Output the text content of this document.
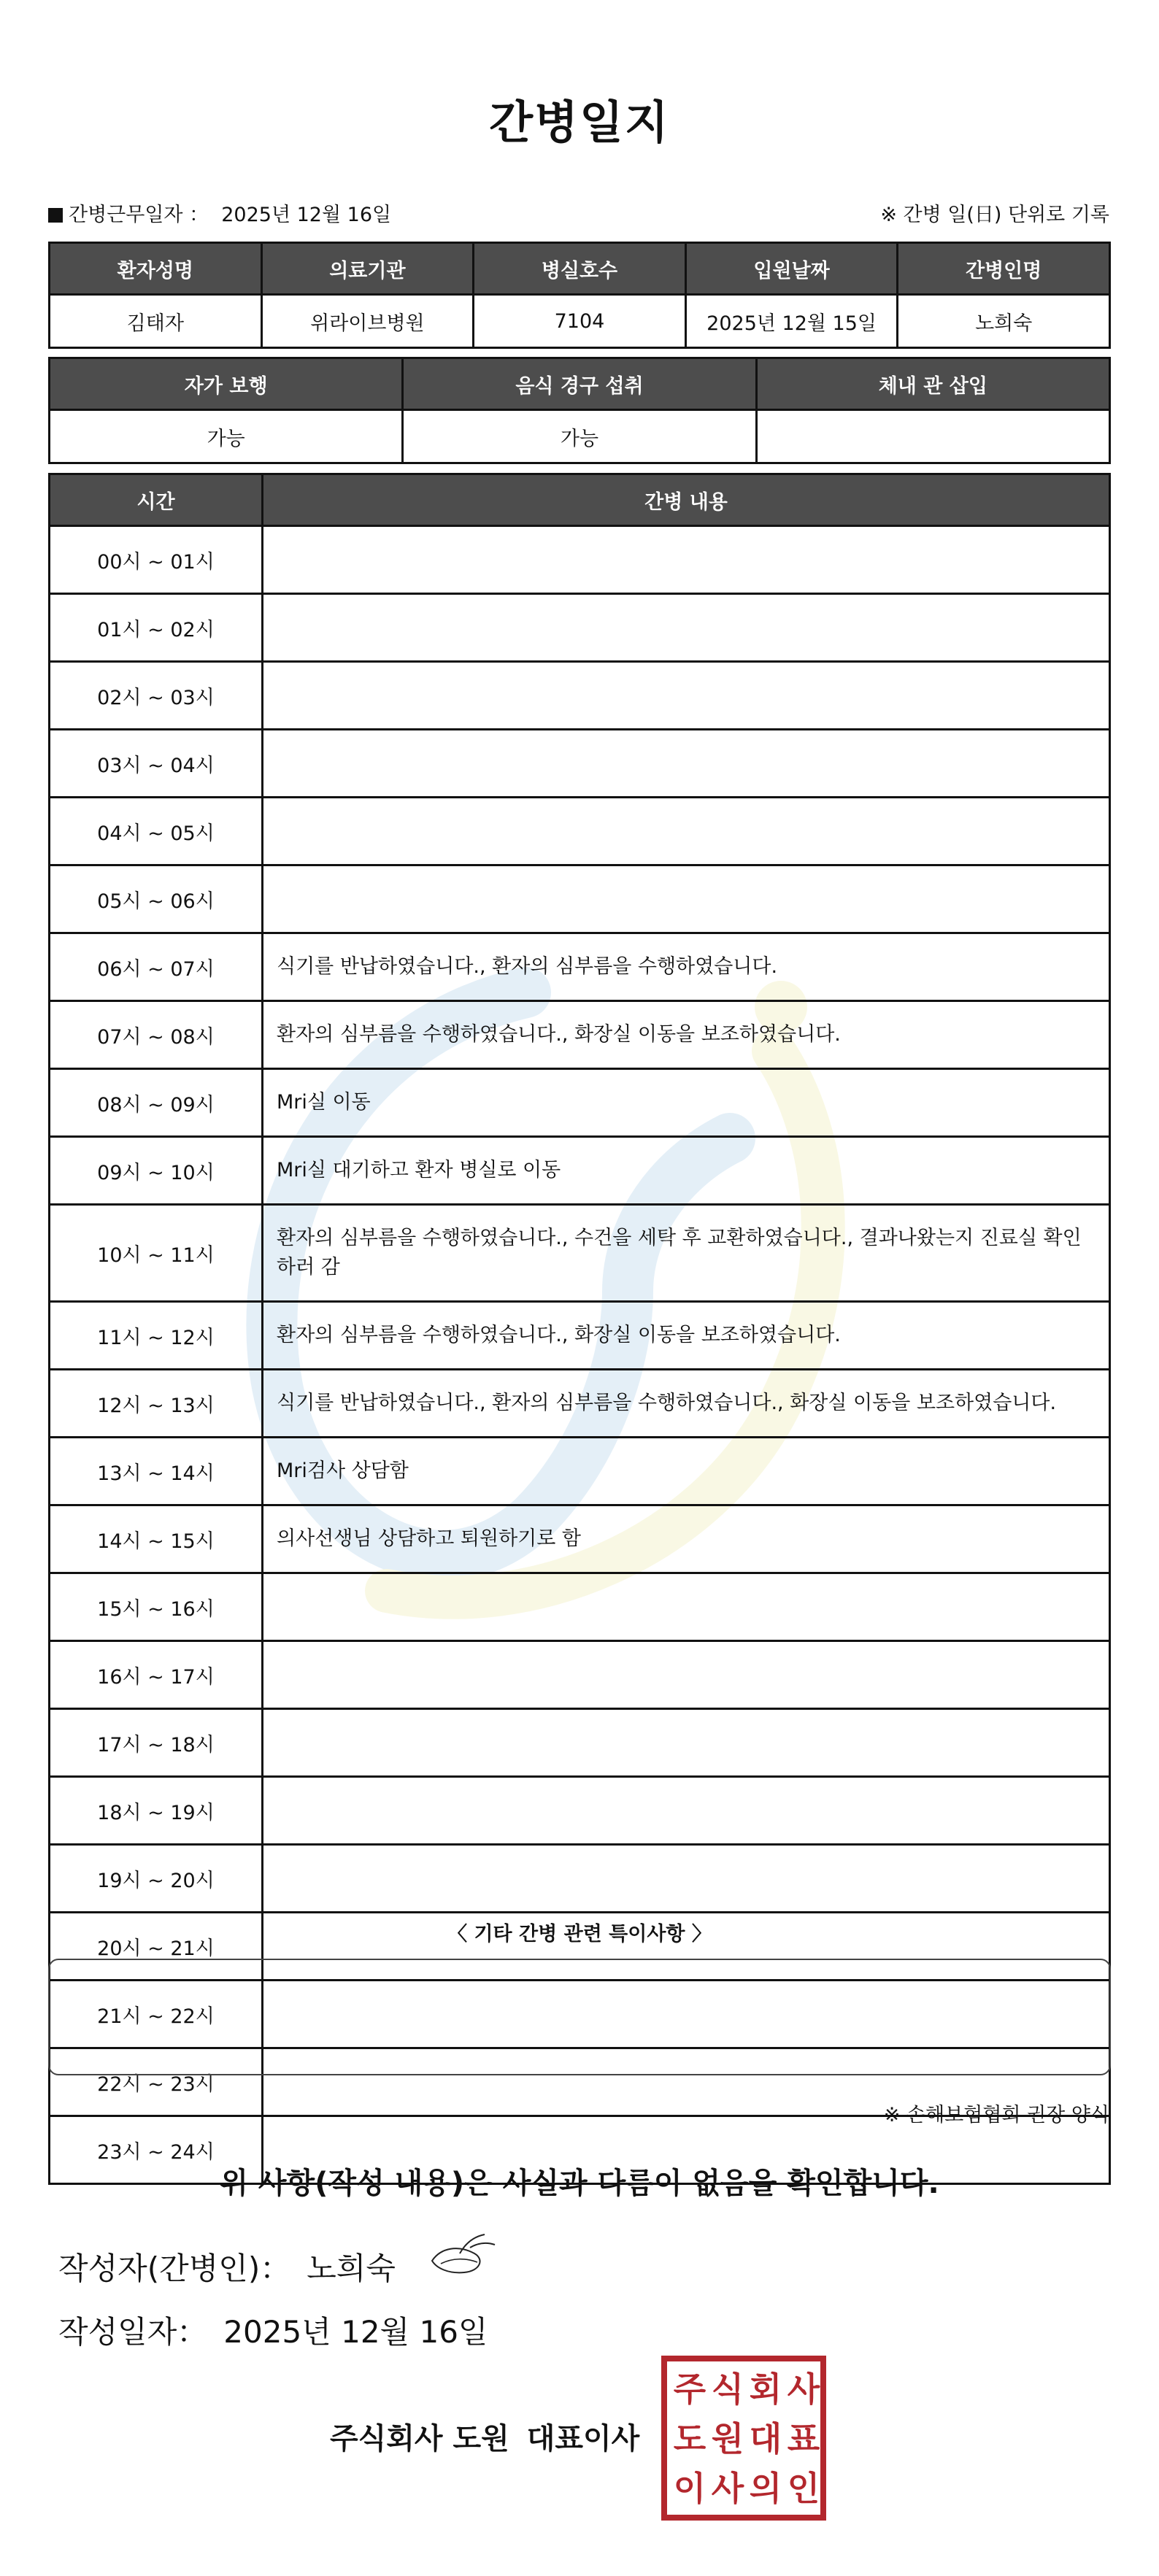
간병일지
간병근무일자 ： 2025년 12월 16일	※ 간병 일(日) 단위로 기록
환자성명	의료기관	병실호수	입원날짜	간병인명
김태자	위라이브병원	7104	2025년 12월 15일	노희숙
자가 보행	음식 경구 섭취	체내 관 삽입
가능	가능	
시간	간병 내용
00시 ~ 01시	
01시 ~ 02시	
02시 ~ 03시	
03시 ~ 04시	
04시 ~ 05시	
05시 ~ 06시	
06시 ~ 07시	식기를 반납하였습니다., 환자의 심부름을 수행하였습니다.
07시 ~ 08시	환자의 심부름을 수행하였습니다., 화장실 이동을 보조하였습니다.
08시 ~ 09시	Mri실 이동
09시 ~ 10시	Mri실 대기하고 환자 병실로 이동
10시 ~ 11시	환자의 심부름을 수행하였습니다., 수건을 세탁 후 교환하였습니다., 결과나왔는지 진료실 확인하러 감
11시 ~ 12시	환자의 심부름을 수행하였습니다., 화장실 이동을 보조하였습니다.
12시 ~ 13시	식기를 반납하였습니다., 환자의 심부름을 수행하였습니다., 화장실 이동을 보조하였습니다.
13시 ~ 14시	Mri검사 상담함
14시 ~ 15시	의사선생님 상담하고 퇴원하기로 함
15시 ~ 16시	
16시 ~ 17시	
17시 ~ 18시	
18시 ~ 19시	
19시 ~ 20시	
20시 ~ 21시	
21시 ~ 22시	
22시 ~ 23시	
23시 ~ 24시	
〈 기타 간병 관련 특이사항 〉
※ 손해보험협회 권장 양식
위 사항(작성 내용)은 사실과 다름이 없음을 확인합니다.
작성자(간병인)： 노희숙
작성일자： 2025년 12월 16일
주식회사 도원 대표이사
주 식 회 사
도 원 대 표
이 사 의 인
